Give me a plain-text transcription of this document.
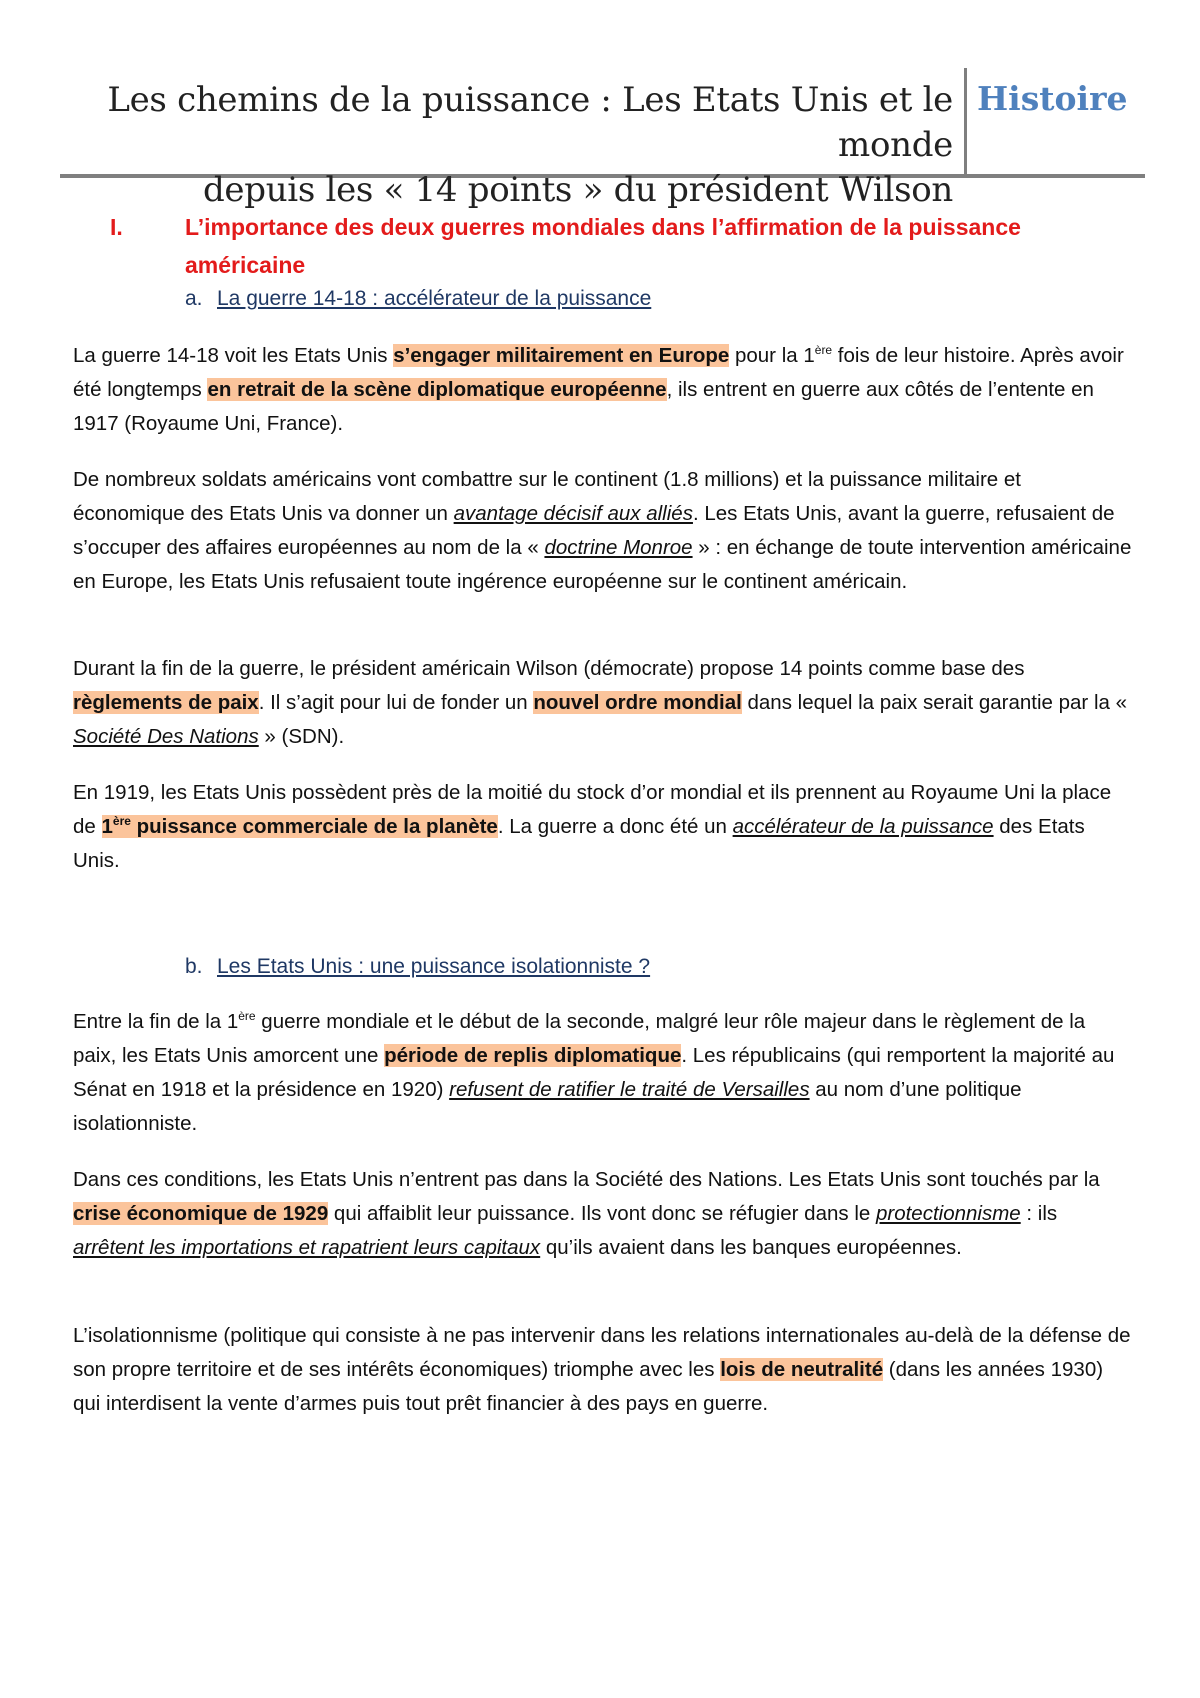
Les chemins de la puissance : Les Etats Unis et le monde
depuis les « 14 points » du président Wilson
Histoire
I.	L’importance des deux guerres mondiales dans l’affirmation de la puissance américaine
a. La guerre 14-18 : accélérateur de la puissance
La guerre 14-18 voit les Etats Unis s’engager militairement en Europe pour la 1ère fois de leur histoire. Après avoir été longtemps en retrait de la scène diplomatique européenne, ils entrent en guerre aux côtés de l’entente en 1917 (Royaume Uni, France).
De nombreux soldats américains vont combattre sur le continent (1.8 millions) et la puissance militaire et économique des Etats Unis va donner un avantage décisif aux alliés. Les Etats Unis, avant la guerre, refusaient de s’occuper des affaires européennes au nom de la « doctrine Monroe » : en échange de toute intervention américaine en Europe, les Etats Unis refusaient toute ingérence européenne sur le continent américain.
Durant la fin de la guerre, le président américain Wilson (démocrate) propose 14 points comme base des règlements de paix. Il s’agit pour lui de fonder un nouvel ordre mondial dans lequel la paix serait garantie par la « Société Des Nations » (SDN).
En 1919, les Etats Unis possèdent près de la moitié du stock d’or mondial et ils prennent au Royaume Uni la place de 1ère puissance commerciale de la planète. La guerre a donc été un accélérateur de la puissance des Etats Unis.
b. Les Etats Unis : une puissance isolationniste ?
Entre la fin de la 1ère guerre mondiale et le début de la seconde, malgré leur rôle majeur dans le règlement de la paix, les Etats Unis amorcent une période de replis diplomatique. Les républicains (qui remportent la majorité au Sénat en 1918 et la présidence en 1920) refusent de ratifier le traité de Versailles au nom d’une politique isolationniste.
Dans ces conditions, les Etats Unis n’entrent pas dans la Société des Nations. Les Etats Unis sont touchés par la crise économique de 1929 qui affaiblit leur puissance. Ils vont donc se réfugier dans le protectionnisme : ils arrêtent les importations et rapatrient leurs capitaux qu’ils avaient dans les banques européennes.
L’isolationnisme (politique qui consiste à ne pas intervenir dans les relations internationales au-delà de la défense de son propre territoire et de ses intérêts économiques) triomphe avec les lois de neutralité (dans les années 1930) qui interdisent la vente d’armes puis tout prêt financier à des pays en guerre.
